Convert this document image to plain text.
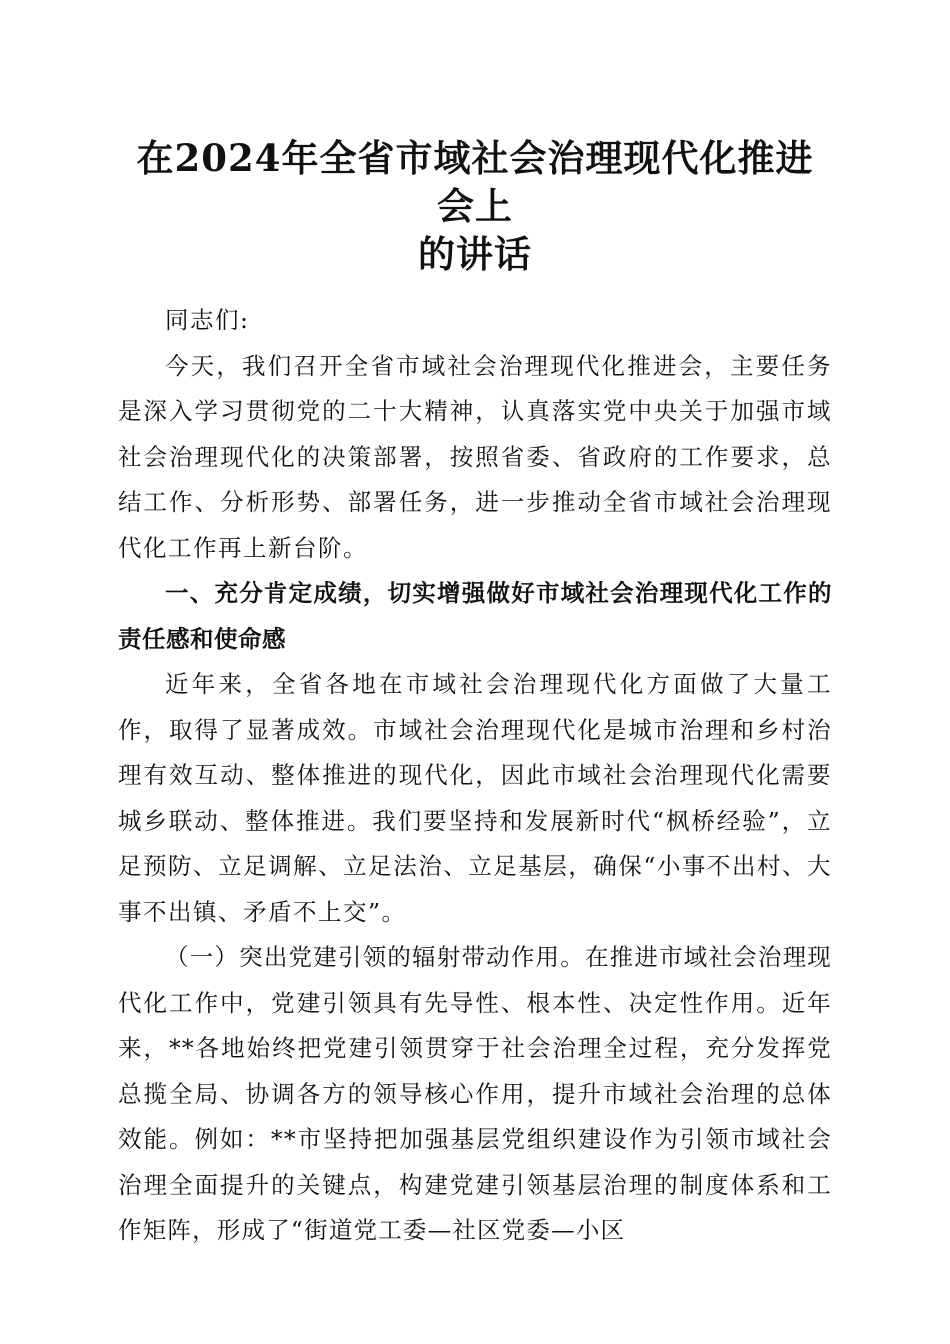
在2024年全省市域社会治理现代化推进会上
的讲话

同志们:

今天，我们召开全省市域社会治理现代化推进会，主要任务是深入学习贯彻党的二十大精神，认真落实党中央关于加强市域社会治理现代化的决策部署，按照省委、省政府的工作要求，总结工作、分析形势、部署任务，进一步推动全省市域社会治理现代化工作再上新台阶。

一、充分肯定成绩，切实增强做好市域社会治理现代化工作的责任感和使命感

近年来，全省各地在市域社会治理现代化方面做了大量工作，取得了显著成效。市域社会治理现代化是城市治理和乡村治理有效互动、整体推进的现代化，因此市域社会治理现代化需要城乡联动、整体推进。我们要坚持和发展新时代“枫桥经验”，立足预防、立足调解、立足法治、立足基层，确保“小事不出村、大事不出镇、矛盾不上交”。

（一）突出党建引领的辐射带动作用。在推进市域社会治理现代化工作中，党建引领具有先导性、根本性、决定性作用。近年来，**各地始终把党建引领贯穿于社会治理全过程，充分发挥党总揽全局、协调各方的领导核心作用，提升市域社会治理的总体效能。例如：**市坚持把加强基层党组织建设作为引领市域社会治理全面提升的关键点，构建党建引领基层治理的制度体系和工作矩阵，形成了“街道党工委—社区党委—小区
